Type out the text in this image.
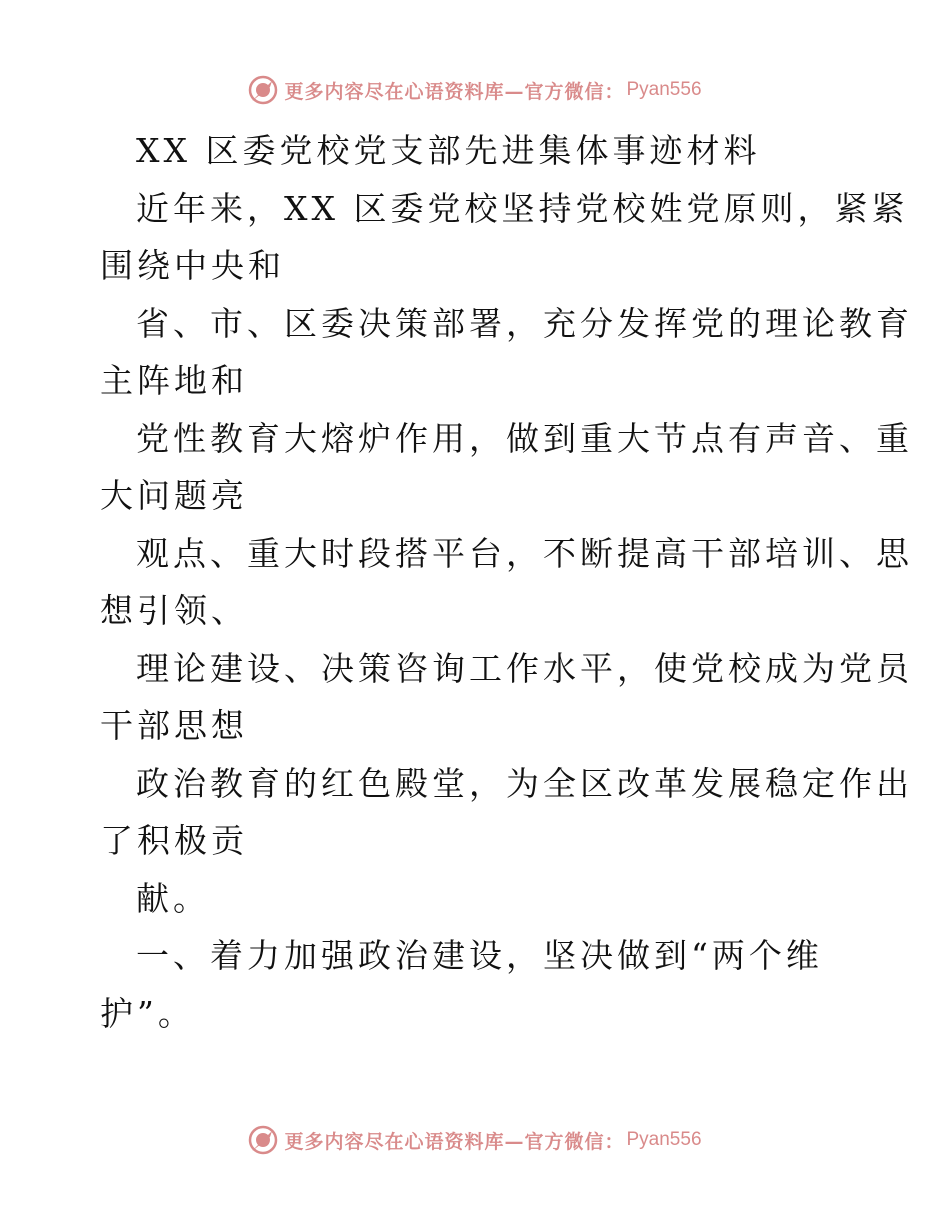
更多内容尽在心语资料库—官方微信： Pyan556
XX 区委党校党支部先进集体事迹材料
近年来，XX 区委党校坚持党校姓党原则，紧紧
围绕中央和
省、市、区委决策部署，充分发挥党的理论教育
主阵地和
党性教育大熔炉作用，做到重大节点有声音、重
大问题亮
观点、重大时段搭平台，不断提高干部培训、思
想引领、
理论建设、决策咨询工作水平，使党校成为党员
干部思想
政治教育的红色殿堂，为全区改革发展稳定作出
了积极贡
献。
一、着力加强政治建设，坚决做到“两个维
护”。
更多内容尽在心语资料库—官方微信： Pyan556
